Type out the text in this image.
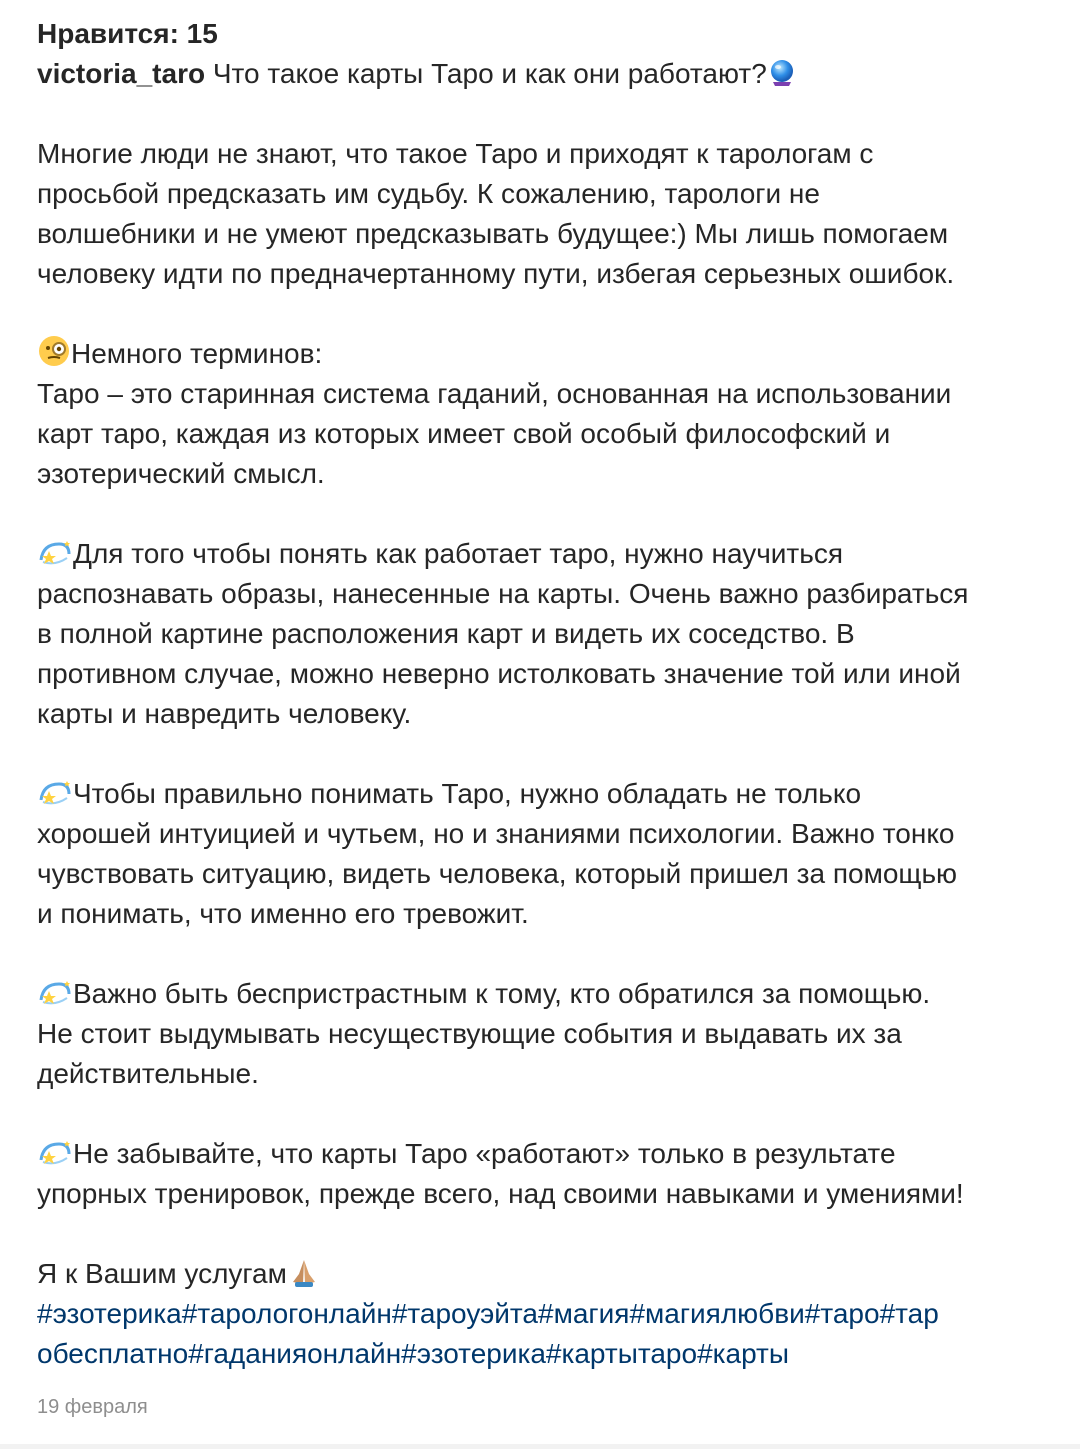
Нравится: 15
victoria_taro Что такое карты Таро и как они работают?
Многие люди не знают, что такое Таро и приходят к тарологам с
просьбой предсказать им судьбу. К сожалению, тарологи не
волшебники и не умеют предсказывать будущее:) Мы лишь помогаем
человеку идти по предначертанному пути, избегая серьезных ошибок.
Немного терминов:
Таро – это старинная система гаданий, основанная на использовании
карт таро, каждая из которых имеет свой особый философский и
эзотерический смысл.
Для того чтобы понять как работает таро, нужно научиться
распознавать образы, нанесенные на карты. Очень важно разбираться
в полной картине расположения карт и видеть их соседство. В
противном случае, можно неверно истолковать значение той или иной
карты и навредить человеку.
Чтобы правильно понимать Таро, нужно обладать не только
хорошей интуицией и чутьем, но и знаниями психологии. Важно тонко
чувствовать ситуацию, видеть человека, который пришел за помощью
и понимать, что именно его тревожит.
Важно быть беспристрастным к тому, кто обратился за помощью.
Не стоит выдумывать несуществующие события и выдавать их за
действительные.
Не забывайте, что карты Таро «работают» только в результате
упорных тренировок, прежде всего, над своими навыками и умениями!
Я к Вашим услугам
#эзотерика#тарологонлайн#тароуэйта#магия#магиялюбви#таро#тар
обесплатно#гаданияонлайн#эзотерика#картытаро#карты
19 февраля
